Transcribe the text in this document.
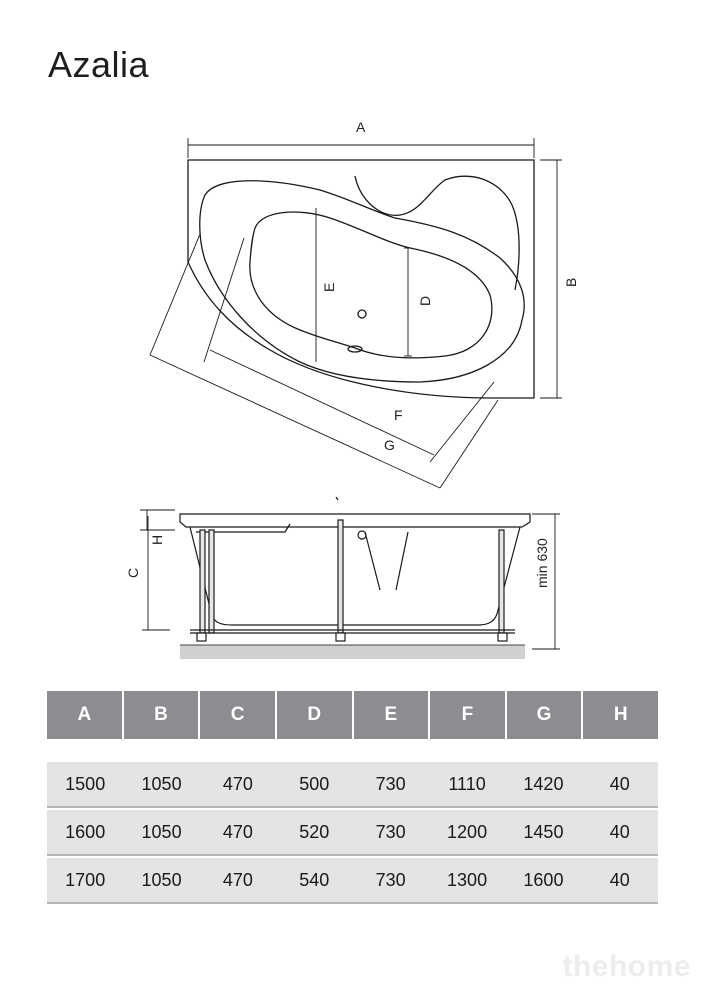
Azalia
A
B
D
E
F
G
H
C	min 630
A	B	C	D	E	F	G	H
1500	1050	470	500	730	1110	1420	40
1600	1050	470	520	730	1200	1450	40
1700	1050	470	540	730	1300	1600	40
thehome
